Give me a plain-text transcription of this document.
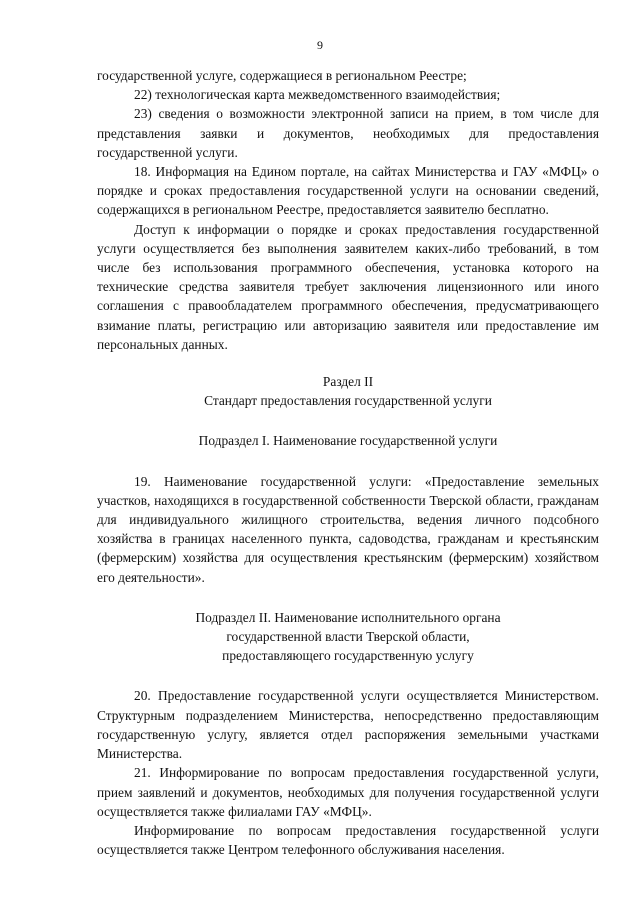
9

государственной услуге, содержащиеся в региональном Реестре;

22) технологическая карта межведомственного взаимодействия;

23) сведения о возможности электронной записи на прием, в том числе для представления заявки и документов, необходимых для предоставления государственной услуги.

18. Информация на Едином портале, на сайтах Министерства и ГАУ «МФЦ» о порядке и сроках предоставления государственной услуги на основании сведений, содержащихся в региональном Реестре, предоставляется заявителю бесплатно.

Доступ к информации о порядке и сроках предоставления государственной услуги осуществляется без выполнения заявителем каких-либо требований, в том числе без использования программного обеспечения, установка которого на технические средства заявителя требует заключения лицензионного или иного соглашения с правообладателем программного обеспечения, предусматривающего взимание платы, регистрацию или авторизацию заявителя или предоставление им персональных данных.

Раздел II

Стандарт предоставления государственной услуги

Подраздел I. Наименование государственной услуги

19. Наименование государственной услуги: «Предоставление земельных участков, находящихся в государственной собственности Тверской области, гражданам для индивидуального жилищного строительства, ведения личного подсобного хозяйства в границах населенного пункта, садоводства, гражданам и крестьянским (фермерским) хозяйства для осуществления крестьянским (фермерским) хозяйством его деятельности».

Подраздел II. Наименование исполнительного органа

государственной власти Тверской области,

предоставляющего государственную услугу

20. Предоставление государственной услуги осуществляется Министерством. Структурным подразделением Министерства, непосредственно предоставляющим государственную услугу, является отдел распоряжения земельными участками Министерства.

21. Информирование по вопросам предоставления государственной услуги, прием заявлений и документов, необходимых для получения государственной услуги осуществляется также филиалами ГАУ «МФЦ».

Информирование по вопросам предоставления государственной услуги осуществляется также Центром телефонного обслуживания населения.
